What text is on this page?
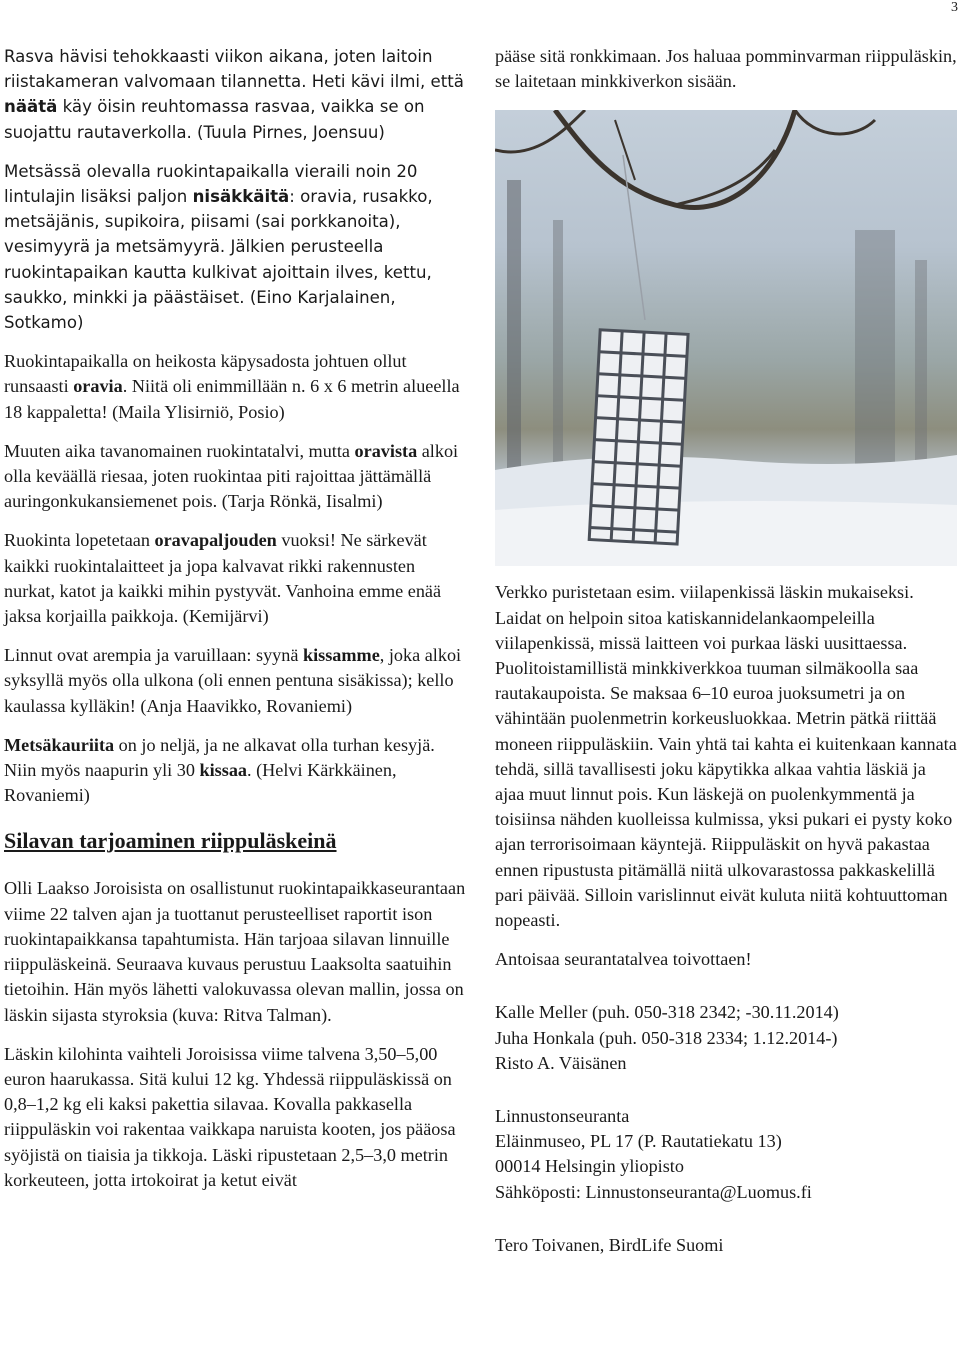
3

Rasva hävisi tehokkaasti viikon aikana, joten laitoin riistakameran valvomaan tilannetta. Heti kävi ilmi, että näätä käy öisin reuhtomassa rasvaa, vaikka se on suojattu rautaverkolla. (Tuula Pirnes, Joensuu)

Metsässä olevalla ruokintapaikalla vieraili noin 20 lintulajin lisäksi paljon nisäkkäitä: oravia, rusakko, metsäjänis, supikoira, piisami (sai porkkanoita), vesimyyrä ja metsämyyrä. Jälkien perusteella ruokintapaikan kautta kulkivat ajoittain ilves, kettu, saukko, minkki ja päästäiset. (Eino Karjalainen, Sotkamo)

Ruokintapaikalla on heikosta käpysadosta johtuen ollut runsaasti oravia. Niitä oli enimmillään n. 6 x 6 metrin alueella 18 kappaletta! (Maila Ylisirniö, Posio)

Muuten aika tavanomainen ruokintatalvi, mutta oravista alkoi olla keväällä riesaa, joten ruokintaa piti rajoittaa jättämällä auringonkukansiemenet pois. (Tarja Rönkä, Iisalmi)

Ruokinta lopetetaan oravapaljouden vuoksi! Ne särkevät kaikki ruokintalaitteet ja jopa kalvavat rikki rakennusten nurkat, katot ja kaikki mihin pystyvät. Vanhoina emme enää jaksa korjailla paikkoja. (Kemijärvi)

Linnut ovat arempia ja varuillaan: syynä kissamme, joka alkoi syksyllä myös olla ulkona (oli ennen pentuna sisäkissa); kello kaulassa kylläkin! (Anja Haavikko, Rovaniemi)

Metsäkauriita on jo neljä, ja ne alkavat olla turhan kesyjä. Niin myös naapurin yli 30 kissaa. (Helvi Kärkkäinen, Rovaniemi)

Silavan tarjoaminen riippuläskeinä

Olli Laakso Joroisista on osallistunut ruokintapaikkaseurantaan viime 22 talven ajan ja tuottanut perusteelliset raportit ison ruokintapaikkansa tapahtumista. Hän tarjoaa silavan linnuille riippuläskeinä. Seuraava kuvaus perustuu Laaksolta saatuihin tietoihin. Hän myös lähetti valokuvassa olevan mallin, jossa on läskin sijasta styroksia (kuva: Ritva Talman).

Läskin kilohinta vaihteli Joroisissa viime talvena 3,50–5,00 euron haarukassa. Sitä kului 12 kg. Yhdessä riippuläskissä on 0,8–1,2 kg eli kaksi pakettia silavaa. Kovalla pakkasella riippuläskin voi rakentaa vaikkapa naruista kooten, jos pääosa syöjistä on tiaisia ja tikkoja. Läski ripustetaan 2,5–3,0 metrin korkeuteen, jotta irtokoirat ja ketut eivät

pääse sitä ronkkimaan. Jos haluaa pomminvarman riippuläskin, se laitetaan minkkiverkon sisään.

Verkko puristetaan esim. viilapenkissä läskin mukaiseksi. Laidat on helpoin sitoa katiskannidelankaompeleilla viilapenkissä, missä laitteen voi purkaa läski uusittaessa. Puolitoistamillistä minkkiverkkoa tuuman silmäkoolla saa rautakaupoista. Se maksaa 6–10 euroa juoksumetri ja on vähintään puolenmetrin korkeusluokkaa. Metrin pätkä riittää moneen riippuläskiin. Vain yhtä tai kahta ei kuitenkaan kannata tehdä, sillä tavallisesti joku käpytikka alkaa vahtia läskiä ja ajaa muut linnut pois. Kun läskejä on puolenkymmentä ja toisiinsa nähden kuolleissa kulmissa, yksi pukari ei pysty koko ajan terrorisoimaan käyntejä. Riippuläskit on hyvä pakastaa ennen ripustusta pitämällä niitä ulkovarastossa pakkaskelillä pari päivää. Silloin varislinnut eivät kuluta niitä kohtuuttoman nopeasti.

Antoisaa seurantatalvea toivottaen!

Kalle Meller (puh. 050-318 2342; -30.11.2014)

Juha Honkala (puh. 050-318 2334; 1.12.2014-)

Risto A. Väisänen

Linnustonseuranta

Eläinmuseo, PL 17 (P. Rautatiekatu 13)

00014 Helsingin yliopisto

Sähköposti: Linnustonseuranta@Luomus.fi

Tero Toivanen, BirdLife Suomi
